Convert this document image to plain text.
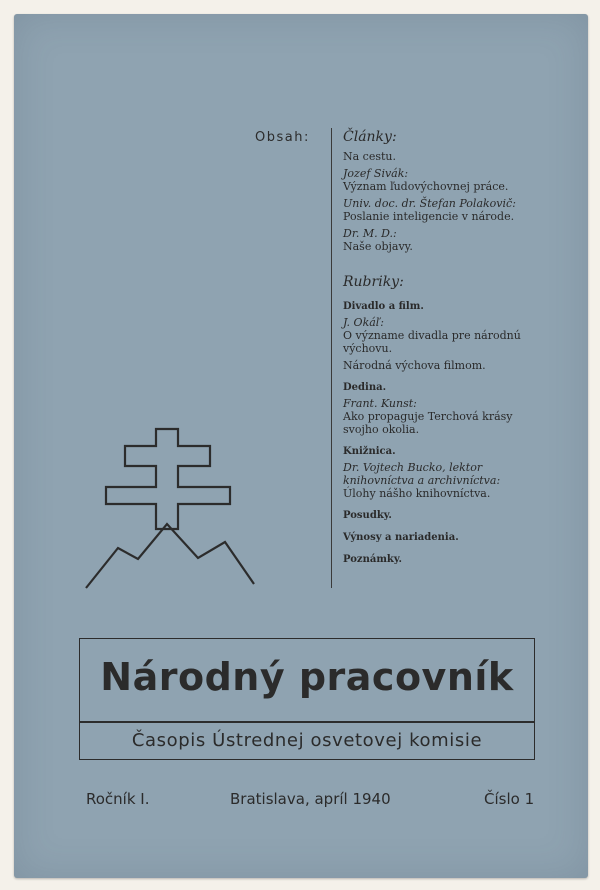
Obsah: Články:
Na cestu.
Jozef Sivák:
Význam ľudovýchovnej práce.
Univ. doc. dr. Štefan Polakovič:
Poslanie inteligencie v národe.
Dr. M. D.:
Naše objavy.
Rubriky:
Divadlo a film.
J. Okáľ:
O význame divadla pre národnú výchovu.
Národná výchova filmom.
Dedina.
Frant. Kunst:
Ako propaguje Terchová krásy svojho okolia.
Knižnica.
Dr. Vojtech Bucko, lektor knihovníctva a archivníctva:
Úlohy nášho knihovníctva.
Posudky.
Výnosy a nariadenia.
Poznámky.
Národný pracovník
Časopis Ústrednej osvetovej komisie
Ročník I.	Bratislava, apríl 1940	Číslo 1
